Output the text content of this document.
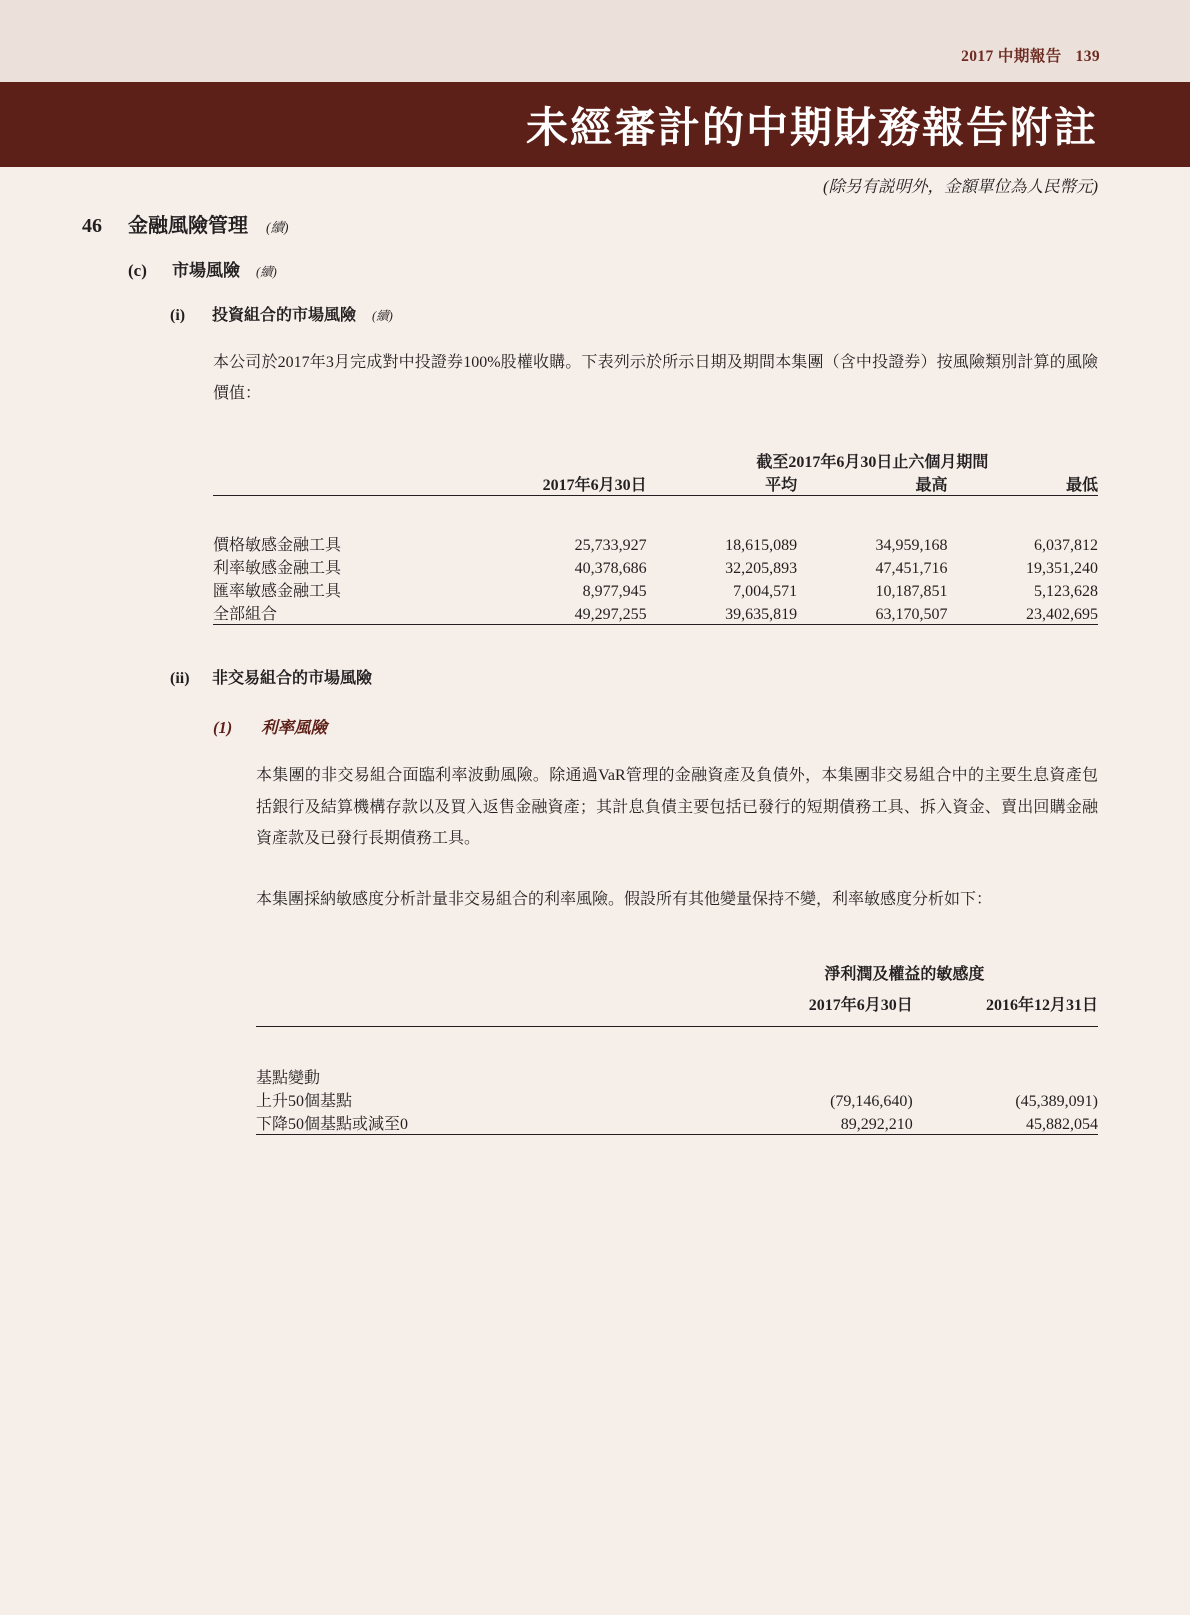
2017 中期報告 139
未經審計的中期財務報告附註
(除另有説明外，金額單位為人民幣元)
46	金融風險管理 (續)
(c)	市場風險 (續)
(i)	投資組合的市場風險 (續)
本公司於2017年3月完成對中投證券100%股權收購。下表列示於所示日期及期間本集團（含中投證券）按風險類別計算的風險價值：
		截至2017年6月30日止六個月期間		
	2017年6月30日	平均	最高	最低

價格敏感金融工具	25,733,927	18,615,089	34,959,168	6,037,812
利率敏感金融工具	40,378,686	32,205,893	47,451,716	19,351,240
匯率敏感金融工具	8,977,945	7,004,571	10,187,851	5,123,628
全部組合	49,297,255	39,635,819	63,170,507	23,402,695

(ii)	非交易組合的市場風險
(1)	利率風險
本集團的非交易組合面臨利率波動風險。除通過VaR管理的金融資產及負債外，本集團非交易組合中的主要生息資產包括銀行及結算機構存款以及買入返售金融資產；其計息負債主要包括已發行的短期債務工具、拆入資金、賣出回購金融資產款及已發行長期債務工具。
本集團採納敏感度分析計量非交易組合的利率風險。假設所有其他變量保持不變，利率敏感度分析如下：
	淨利潤及權益的敏感度	
	2017年6月30日	2016年12月31日

基點變動		
上升50個基點	(79,146,640)	(45,389,091)
下降50個基點或減至0	89,292,210	45,882,054
